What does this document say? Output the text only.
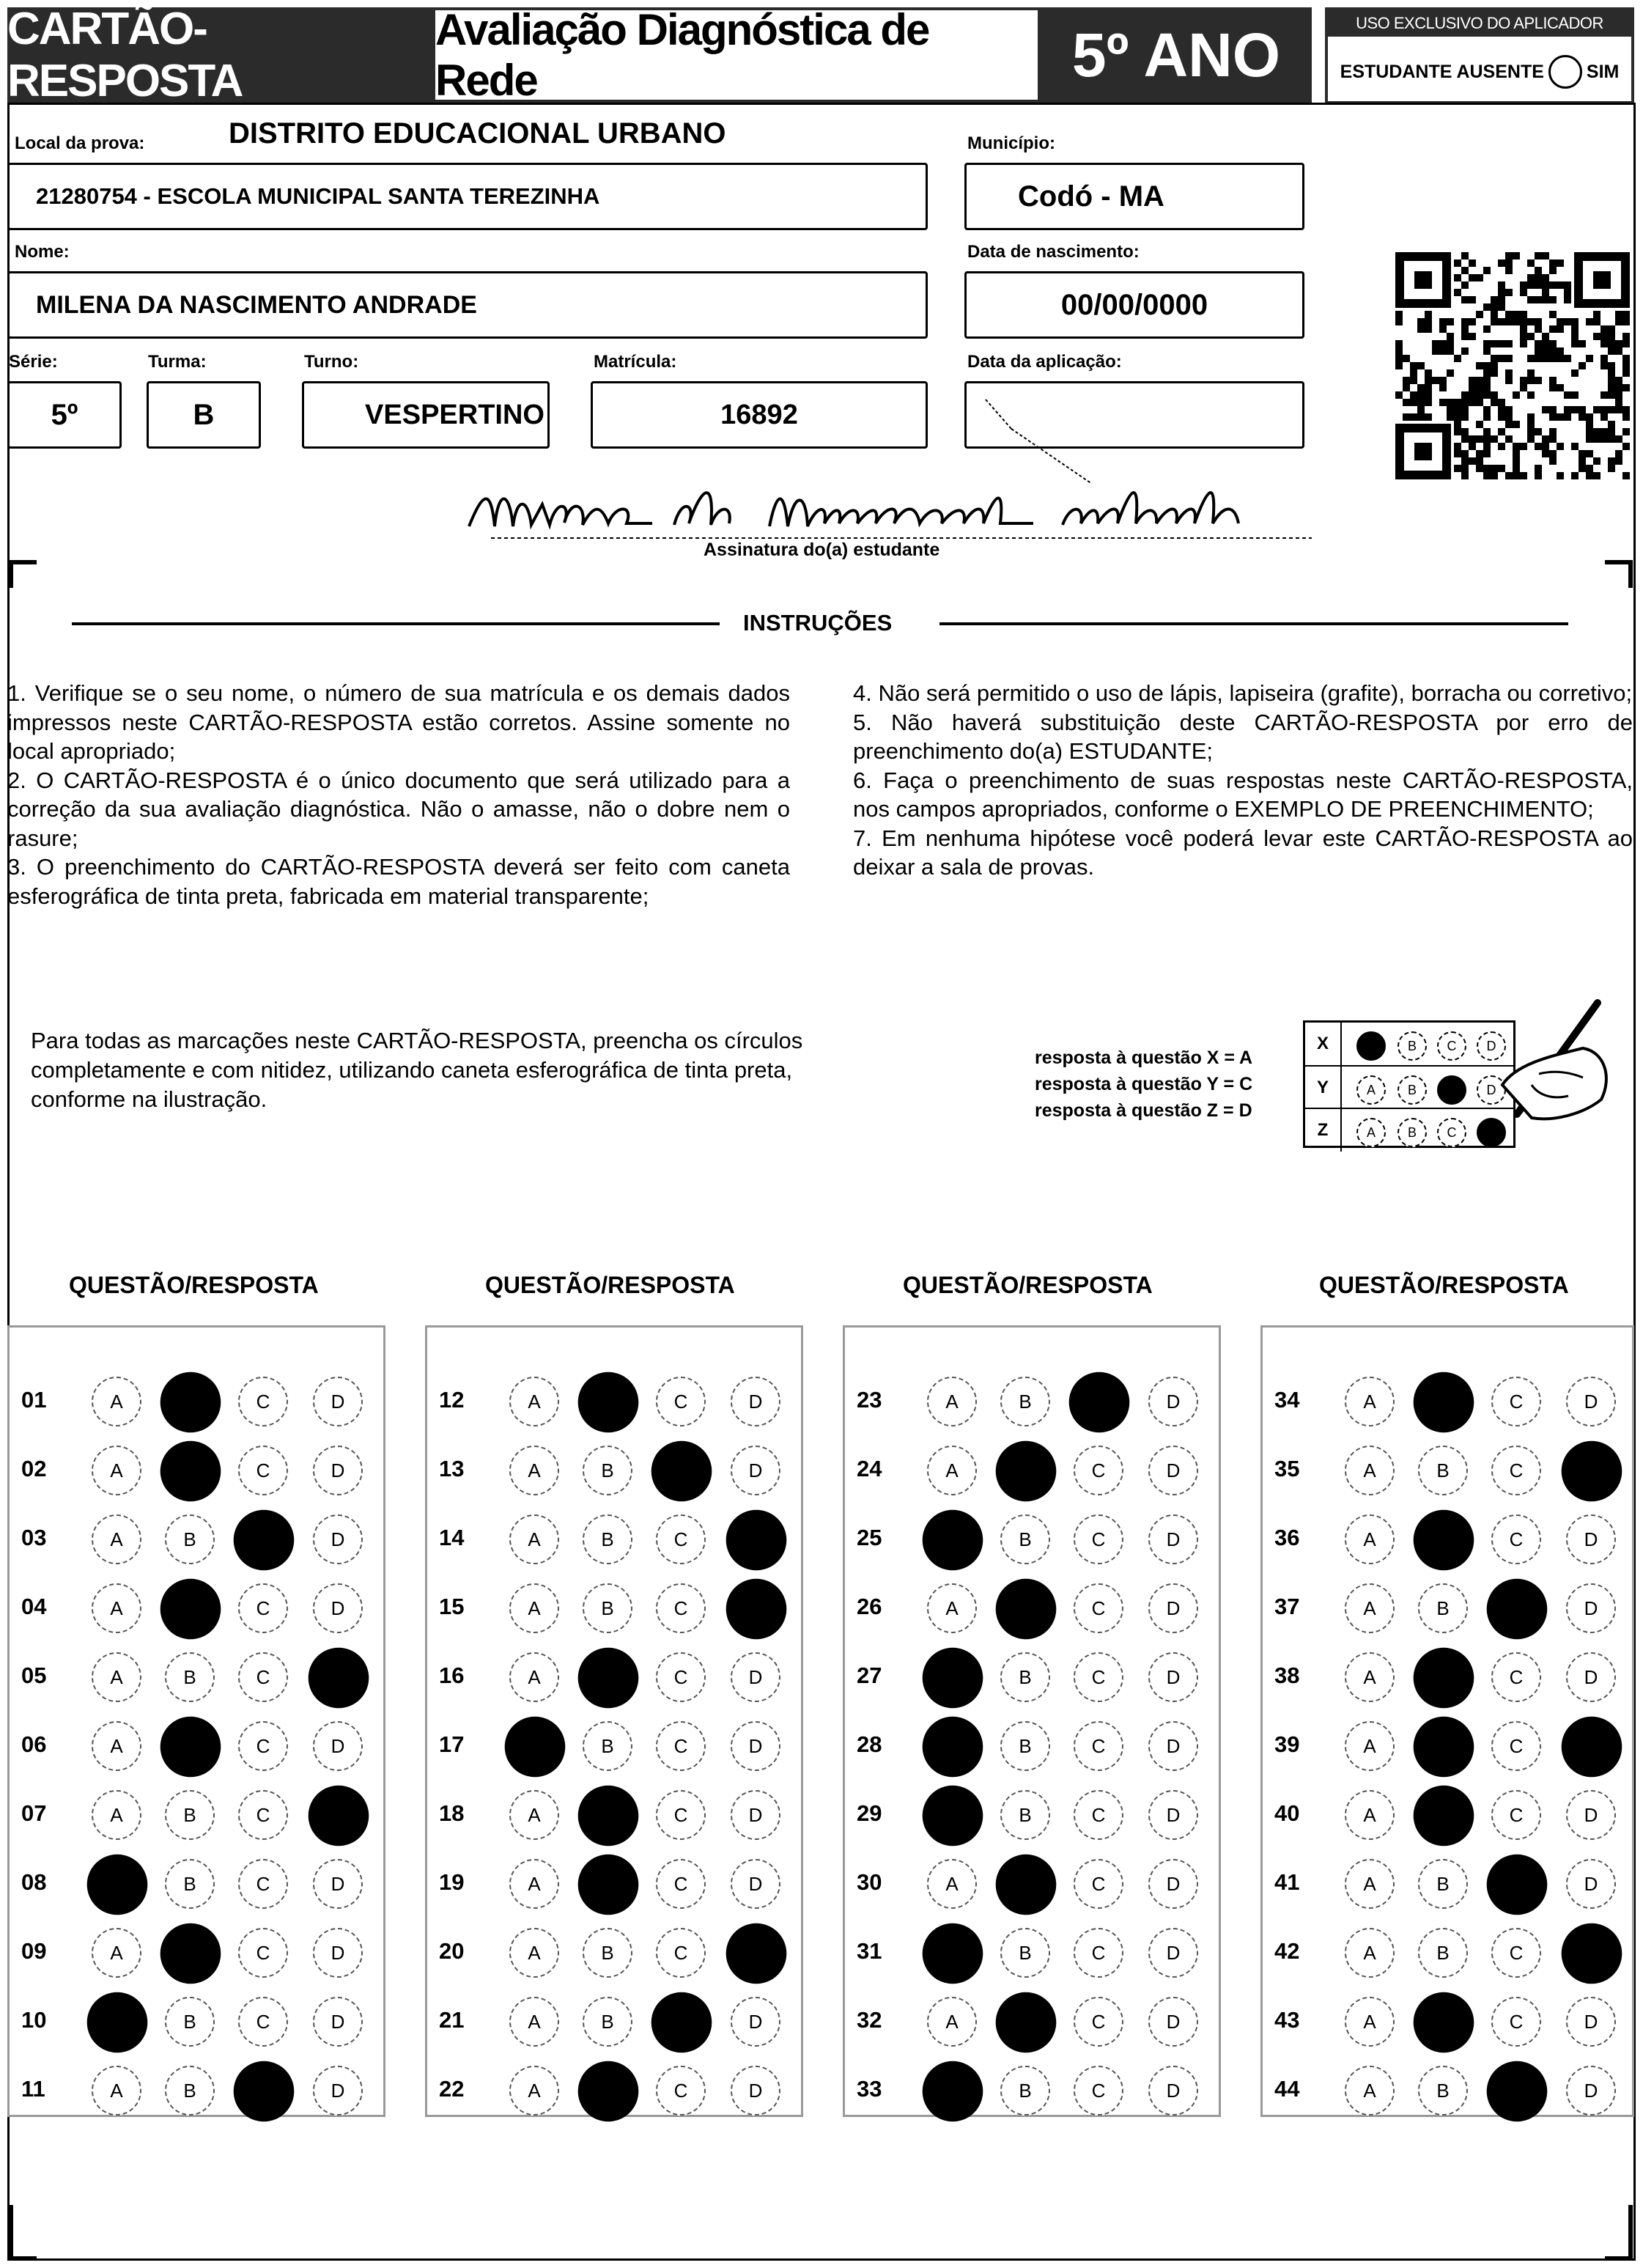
CARTÃO-RESPOSTA
Avaliação Diagnóstica de Rede	5º ANO	USO EXCLUSIVO DO APLICADOR
ESTUDANTE AUSENTE SIM
Local da prova:	DISTRITO EDUCACIONAL URBANO
21280754 - ESCOLA MUNICIPAL SANTA TEREZINHA
Município:
Codó - MA
Nome:
MILENA DA NASCIMENTO ANDRADE
Data de nascimento:
00/00/0000
Série:
5º
Turma:
B
Turno:
VESPERTINO
Matrícula:
16892
Data da aplicação:
Assinatura do(a) estudante
INSTRUÇÕES

1. Verifique se o seu nome, o número de sua matrícula e os demais dados impressos neste CARTÃO-RESPOSTA estão corretos. Assine somente no local apropriado;

2. O CARTÃO-RESPOSTA é o único documento que será utilizado para a correção da sua avaliação diagnóstica. Não o amasse, não o dobre nem o rasure;

3. O preenchimento do CARTÃO-RESPOSTA deverá ser feito com caneta esferográfica de tinta preta, fabricada em material transparente;

4. Não será permitido o uso de lápis, lapiseira (grafite), borracha ou corretivo;

5. Não haverá substituição deste CARTÃO-RESPOSTA por erro de preenchimento do(a) ESTUDANTE;

6. Faça o preenchimento de suas respostas neste CARTÃO-RESPOSTA, nos campos apropriados, conforme o EXEMPLO DE PREENCHIMENTO;

7. Em nenhuma hipótese você poderá levar este CARTÃO-RESPOSTA ao deixar a sala de provas.

Para todas as marcações neste CARTÃO-RESPOSTA, preencha os círculos completamente e com nitidez, utilizando caneta esferográfica de tinta preta, conforme na ilustração.
resposta à questão X = A
resposta à questão Y = C
resposta à questão Z = D
X	A	B	C	D
Y	A	B	C	D
Z	A	B	C	D
QUESTÃO/RESPOSTA	QUESTÃO/RESPOSTA	QUESTÃO/RESPOSTA	QUESTÃO/RESPOSTA
01	A	B	C	D
02	A	B	C	D
03	A	B	C	D
04	A	B	C	D
05	A	B	C	D
06	A	B	C	D
07	A	B	C	D
08	A	B	C	D
09	A	B	C	D
10	A	B	C	D
11	A	B	C	D
12	A	B	C	D
13	A	B	C	D
14	A	B	C	D
15	A	B	C	D
16	A	B	C	D
17	A	B	C	D
18	A	B	C	D
19	A	B	C	D
20	A	B	C	D
21	A	B	C	D
22	A	B	C	D
23	A	B	C	D
24	A	B	C	D
25	A	B	C	D
26	A	B	C	D
27	A	B	C	D
28	A	B	C	D
29	A	B	C	D
30	A	B	C	D
31	A	B	C	D
32	A	B	C	D
33	A	B	C	D
34	A	B	C	D
35	A	B	C	D
36	A	B	C	D
37	A	B	C	D
38	A	B	C	D
39	A	B	C	D
40	A	B	C	D
41	A	B	C	D
42	A	B	C	D
43	A	B	C	D
44	A	B	C	D
